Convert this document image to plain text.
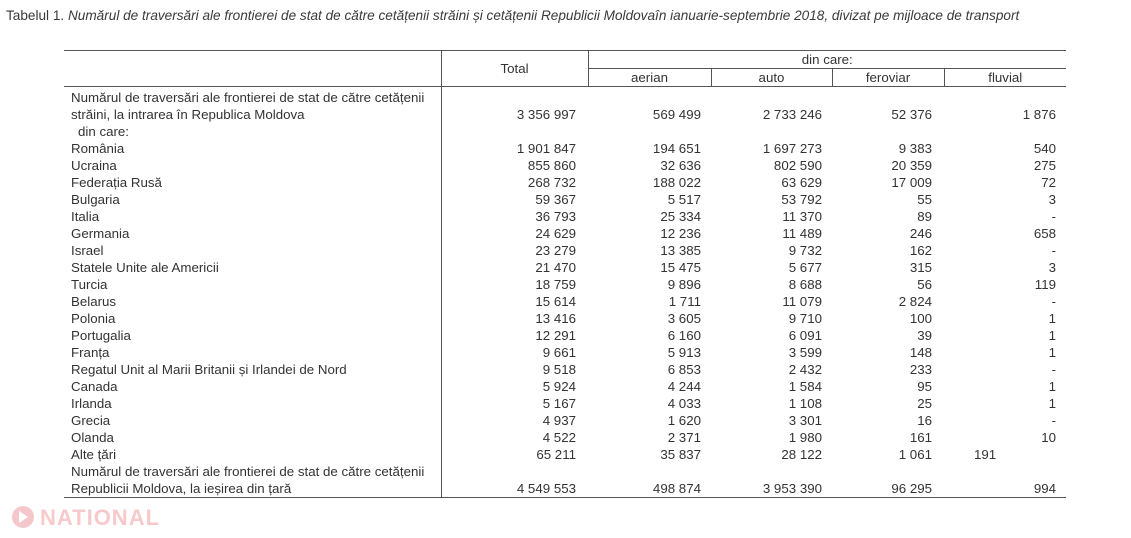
Tabelul 1. Numărul de traversări ale frontierei de stat de către cetățenii străini și cetățenii Republicii Moldovaîn ianuarie-septembrie 2018, divizat pe mijloace de transport
	Total	din care:			
		aerian	auto	feroviar	fluvial
Numărul de traversări ale frontierei de stat de către cetățenii străini, la intrarea în Republica Moldova	3 356 997	569 499	2 733 246	52 376	1 876
din care:					
România	1 901 847	194 651	1 697 273	9 383	540
Ucraina	855 860	32 636	802 590	20 359	275
Federația Rusă	268 732	188 022	63 629	17 009	72
Bulgaria	59 367	5 517	53 792	55	3
Italia	36 793	25 334	11 370	89	-
Germania	24 629	12 236	11 489	246	658
Israel	23 279	13 385	9 732	162	-
Statele Unite ale Americii	21 470	15 475	5 677	315	3
Turcia	18 759	9 896	8 688	56	119
Belarus	15 614	1 711	11 079	2 824	-
Polonia	13 416	3 605	9 710	100	1
Portugalia	12 291	6 160	6 091	39	1
Franța	9 661	5 913	3 599	148	1
Regatul Unit al Marii Britanii și Irlandei de Nord	9 518	6 853	2 432	233	-
Canada	5 924	4 244	1 584	95	1
Irlanda	5 167	4 033	1 108	25	1
Grecia	4 937	1 620	3 301	16	-
Olanda	4 522	2 371	1 980	161	10
Alte țări	65 211	35 837	28 122	1 061	191
Numărul de traversări ale frontierei de stat de către cetățenii Republicii Moldova, la ieșirea din țară	4 549 553	498 874	3 953 390	96 295	994
NATIONAL
